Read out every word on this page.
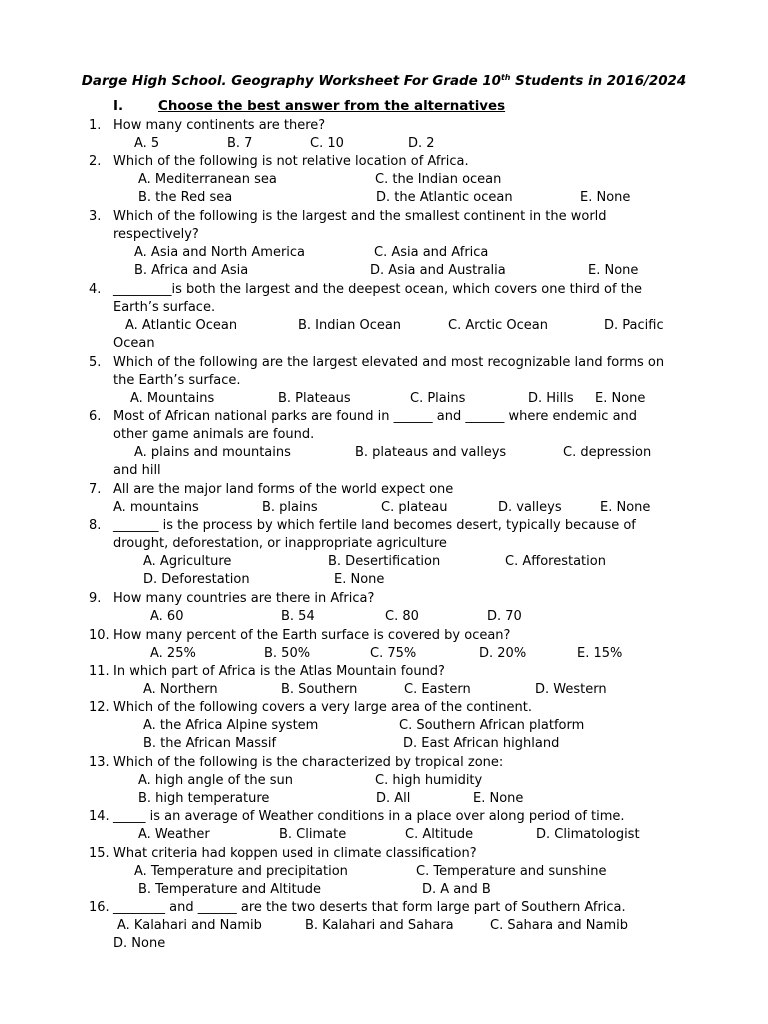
Darge High School. Geography Worksheet For Grade 10th Students in 2016/2024
I.	Choose the best answer from the alternatives
1. How many continents are there?
A. 5	B. 7	C. 10	D. 2
2. Which of the following is not relative location of Africa.
A. Mediterranean sea	C. the Indian ocean
B. the Red sea	D. the Atlantic ocean	E. None
3. Which of the following is the largest and the smallest continent in the world
respectively?
A. Asia and North America	C. Asia and Africa
B. Africa and Asia	D. Asia and Australia	E. None
4. _________is both the largest and the deepest ocean, which covers one third of the
Earth’s surface.
A. Atlantic Ocean	B. Indian Ocean	C. Arctic Ocean	D. Pacific
Ocean
5. Which of the following are the largest elevated and most recognizable land forms on
the Earth’s surface.
A. Mountains	B. Plateaus	C. Plains	D. Hills E. None
6. Most of African national parks are found in ______ and ______ where endemic and
other game animals are found.
A. plains and mountains	B. plateaus and valleys	C. depression
and hill
7. All are the major land forms of the world expect one
A. mountains	B. plains	C. plateau	D. valleys	E. None
8. _______ is the process by which fertile land becomes desert, typically because of
drought, deforestation, or inappropriate agriculture
A. Agriculture	B. Desertification	C. Afforestation
D. Deforestation	E. None
9. How many countries are there in Africa?
A. 60	B. 54	C. 80	D. 70
10. How many percent of the Earth surface is covered by ocean?
A. 25%	B. 50%	C. 75%	D. 20%	E. 15%
11. In which part of Africa is the Atlas Mountain found?
A. Northern	B. Southern	C. Eastern	D. Western
12. Which of the following covers a very large area of the continent.
A. the Africa Alpine system	C. Southern African platform
B. the African Massif	D. East African highland
13. Which of the following is the characterized by tropical zone:
A. high angle of the sun	C. high humidity
B. high temperature	D. All	E. None
14. _____ is an average of Weather conditions in a place over along period of time.
A. Weather	B. Climate	C. Altitude	D. Climatologist
15. What criteria had koppen used in climate classification?
A. Temperature and precipitation	C. Temperature and sunshine
B. Temperature and Altitude	D. A and B
16. ________ and ______ are the two deserts that form large part of Southern Africa.
A. Kalahari and Namib	B. Kalahari and Sahara	C. Sahara and Namib
D. None
